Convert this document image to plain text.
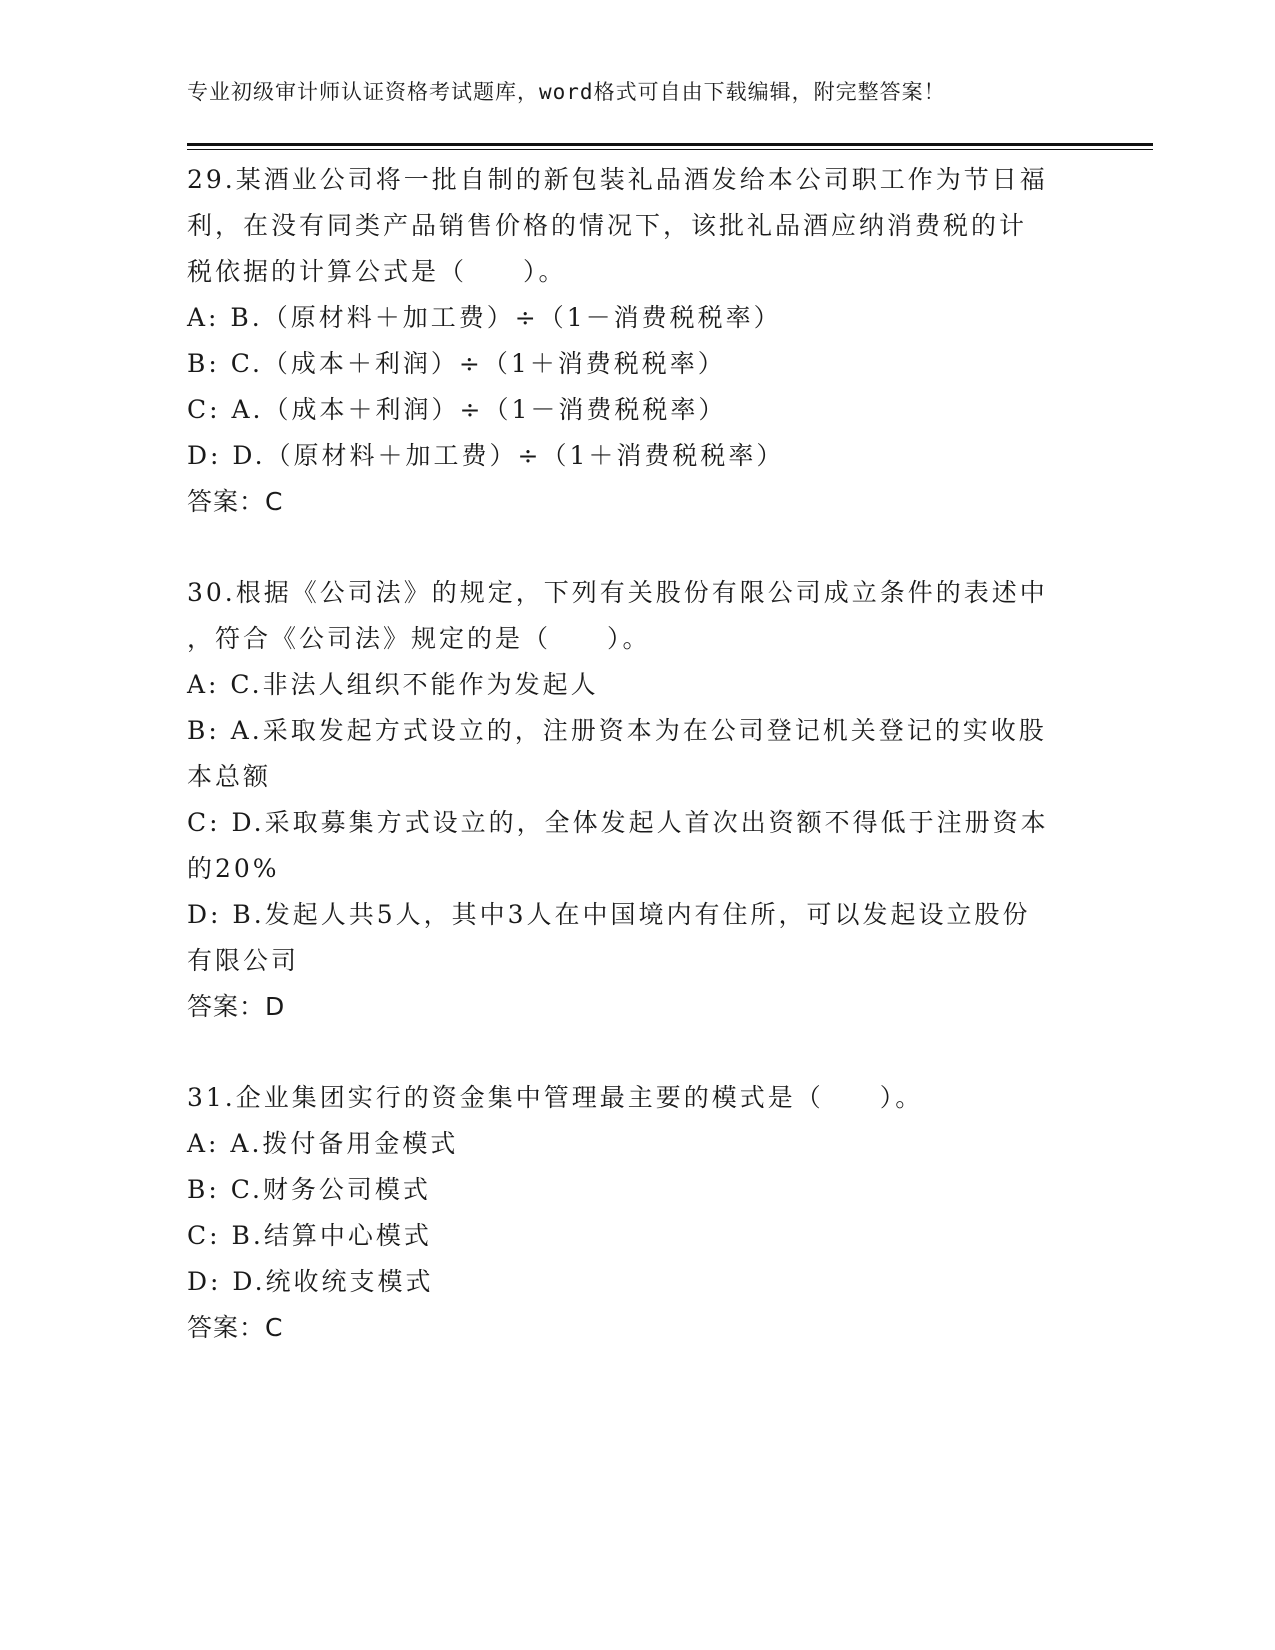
专业初级审计师认证资格考试题库，word格式可自由下载编辑，附完整答案！
29.某酒业公司将一批自制的新包装礼品酒发给本公司职工作为节日福
利，在没有同类产品销售价格的情况下，该批礼品酒应纳消费税的计
税依据的计算公式是（　　）。
A: B.（原材料＋加工费）÷（1－消费税税率）
B: C.（成本＋利润）÷（1＋消费税税率）
C: A.（成本＋利润）÷（1－消费税税率）
D: D.（原材料＋加工费）÷（1＋消费税税率）
答案：C
30.根据《公司法》的规定，下列有关股份有限公司成立条件的表述中
，符合《公司法》规定的是（　　）。
A: C.非法人组织不能作为发起人
B: A.采取发起方式设立的，注册资本为在公司登记机关登记的实收股
本总额
C: D.采取募集方式设立的，全体发起人首次出资额不得低于注册资本
的20%
D: B.发起人共5人，其中3人在中国境内有住所，可以发起设立股份
有限公司
答案：D
31.企业集团实行的资金集中管理最主要的模式是（　　）。
A: A.拨付备用金模式
B: C.财务公司模式
C: B.结算中心模式
D: D.统收统支模式
答案：C
